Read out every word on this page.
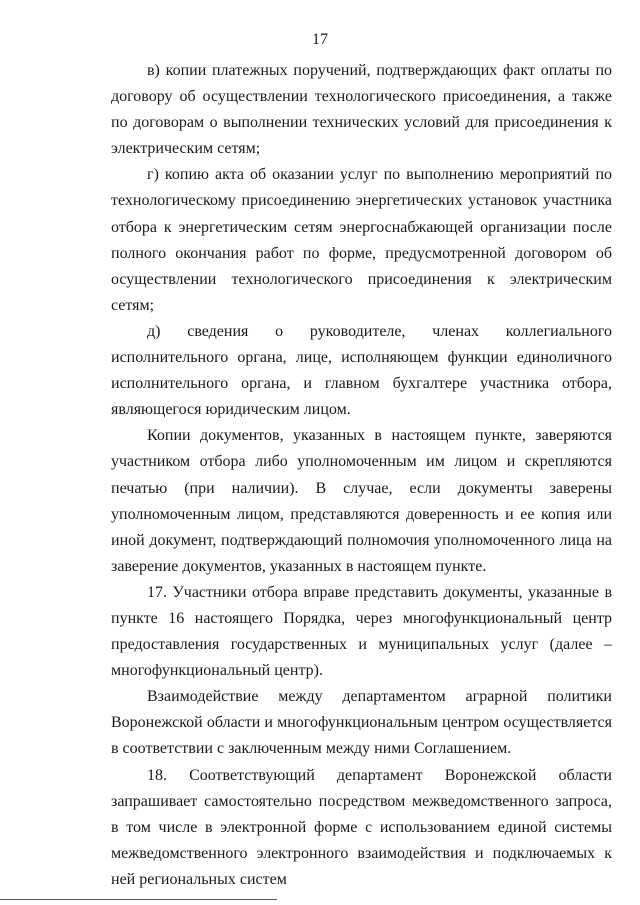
17

в) копии платежных поручений, подтверждающих факт оплаты по договору об осуществлении технологического присоединения, а также по договорам о выполнении технических условий для присоединения к электрическим сетям;

г) копию акта об оказании услуг по выполнению мероприятий по технологическому присоединению энергетических установок участника отбора к энергетическим сетям энергоснабжающей организации после полного окончания работ по форме, предусмотренной договором об осуществлении технологического присоединения к электрическим сетям;

д) сведения о руководителе, членах коллегиального исполнительного органа, лице, исполняющем функции единоличного исполнительного органа, и главном бухгалтере участника отбора, являющегося юридическим лицом.

Копии документов, указанных в настоящем пункте, заверяются участником отбора либо уполномоченным им лицом и скрепляются печатью (при наличии). В случае, если документы заверены уполномоченным лицом, представляются доверенность и ее копия или иной документ, подтверждающий полномочия уполномоченного лица на заверение документов, указанных в настоящем пункте.

17. Участники отбора вправе представить документы, указанные в пункте 16 настоящего Порядка, через многофункциональный центр предоставления государственных и муниципальных услуг (далее – многофункциональный центр).

Взаимодействие между департаментом аграрной политики Воронежской области и многофункциональным центром осуществляется в соответствии с заключенным между ними Соглашением.

18. Соответствующий департамент Воронежской области запрашивает самостоятельно посредством межведомственного запроса, в том числе в электронной форме с использованием единой системы межведомственного электронного взаимодействия и подключаемых к ней региональных систем
